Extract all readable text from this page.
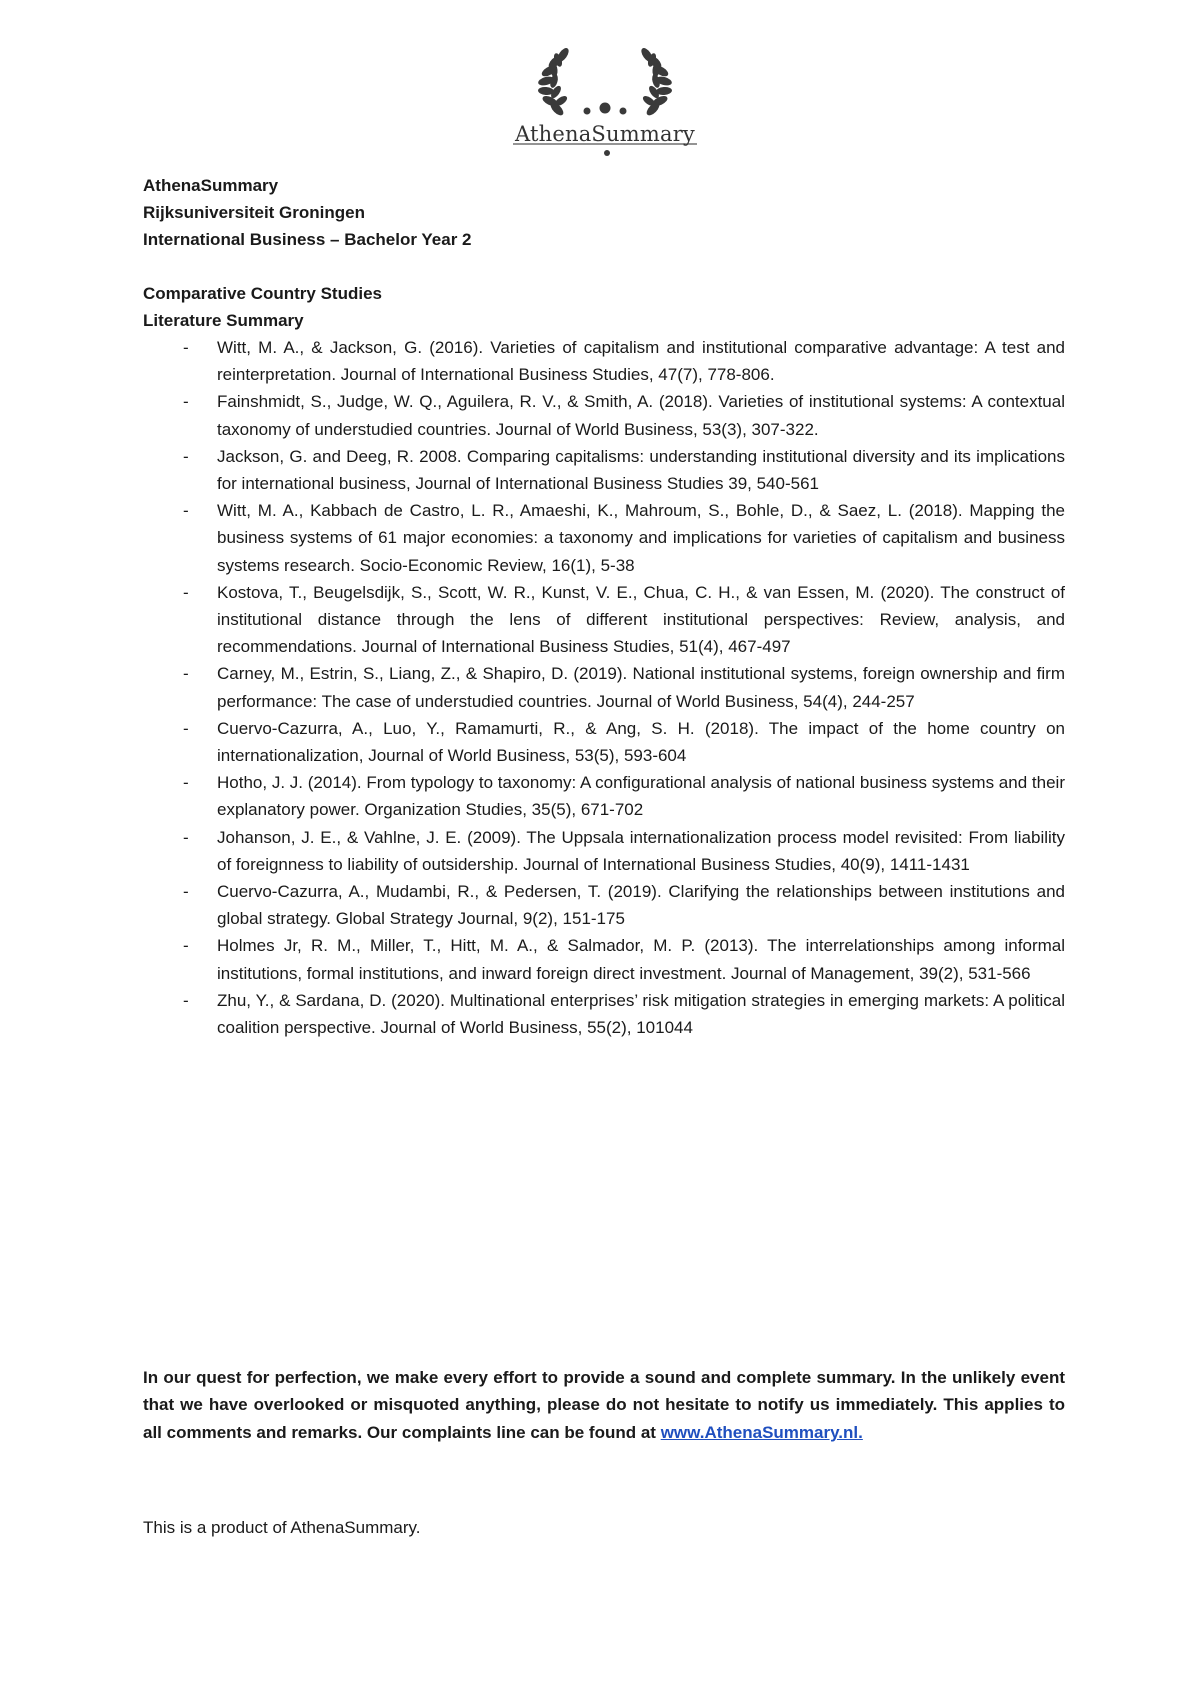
AthenaSummary
AthenaSummary
Rijksuniversiteit Groningen
International Business – Bachelor Year 2
Comparative Country Studies
Literature Summary
- Witt, M. A., & Jackson, G. (2016). Varieties of capitalism and institutional comparative advantage: A test and reinterpretation. Journal of International Business Studies, 47(7), 778-806.
- Fainshmidt, S., Judge, W. Q., Aguilera, R. V., & Smith, A. (2018). Varieties of institutional systems: A contextual taxonomy of understudied countries. Journal of World Business, 53(3), 307-322.
- Jackson, G. and Deeg, R. 2008. Comparing capitalisms: understanding institutional diversity and its implications for international business, Journal of International Business Studies 39, 540-561
- Witt, M. A., Kabbach de Castro, L. R., Amaeshi, K., Mahroum, S., Bohle, D., & Saez, L. (2018). Mapping the business systems of 61 major economies: a taxonomy and implications for varieties of capitalism and business systems research. Socio-Economic Review, 16(1), 5-38
- Kostova, T., Beugelsdijk, S., Scott, W. R., Kunst, V. E., Chua, C. H., & van Essen, M. (2020). The construct of institutional distance through the lens of different institutional perspectives: Review, analysis, and recommendations. Journal of International Business Studies, 51(4), 467-497
- Carney, M., Estrin, S., Liang, Z., & Shapiro, D. (2019). National institutional systems, foreign ownership and firm performance: The case of understudied countries. Journal of World Business, 54(4), 244-257
- Cuervo-Cazurra, A., Luo, Y., Ramamurti, R., & Ang, S. H. (2018). The impact of the home country on internationalization, Journal of World Business, 53(5), 593-604
- Hotho, J. J. (2014). From typology to taxonomy: A configurational analysis of national business systems and their explanatory power. Organization Studies, 35(5), 671-702
- Johanson, J. E., & Vahlne, J. E. (2009). The Uppsala internationalization process model revisited: From liability of foreignness to liability of outsidership. Journal of International Business Studies, 40(9), 1411-1431
- Cuervo-Cazurra, A., Mudambi, R., & Pedersen, T. (2019). Clarifying the relationships between institutions and global strategy. Global Strategy Journal, 9(2), 151-175
- Holmes Jr, R. M., Miller, T., Hitt, M. A., & Salmador, M. P. (2013). The interrelationships among informal institutions, formal institutions, and inward foreign direct investment. Journal of Management, 39(2), 531-566
- Zhu, Y., & Sardana, D. (2020). Multinational enterprises’ risk mitigation strategies in emerging markets: A political coalition perspective. Journal of World Business, 55(2), 101044
In our quest for perfection, we make every effort to provide a sound and complete summary. In the unlikely event that we have overlooked or misquoted anything, please do not hesitate to notify us immediately. This applies to all comments and remarks. Our complaints line can be found at www.AthenaSummary.nl.
This is a product of AthenaSummary.
